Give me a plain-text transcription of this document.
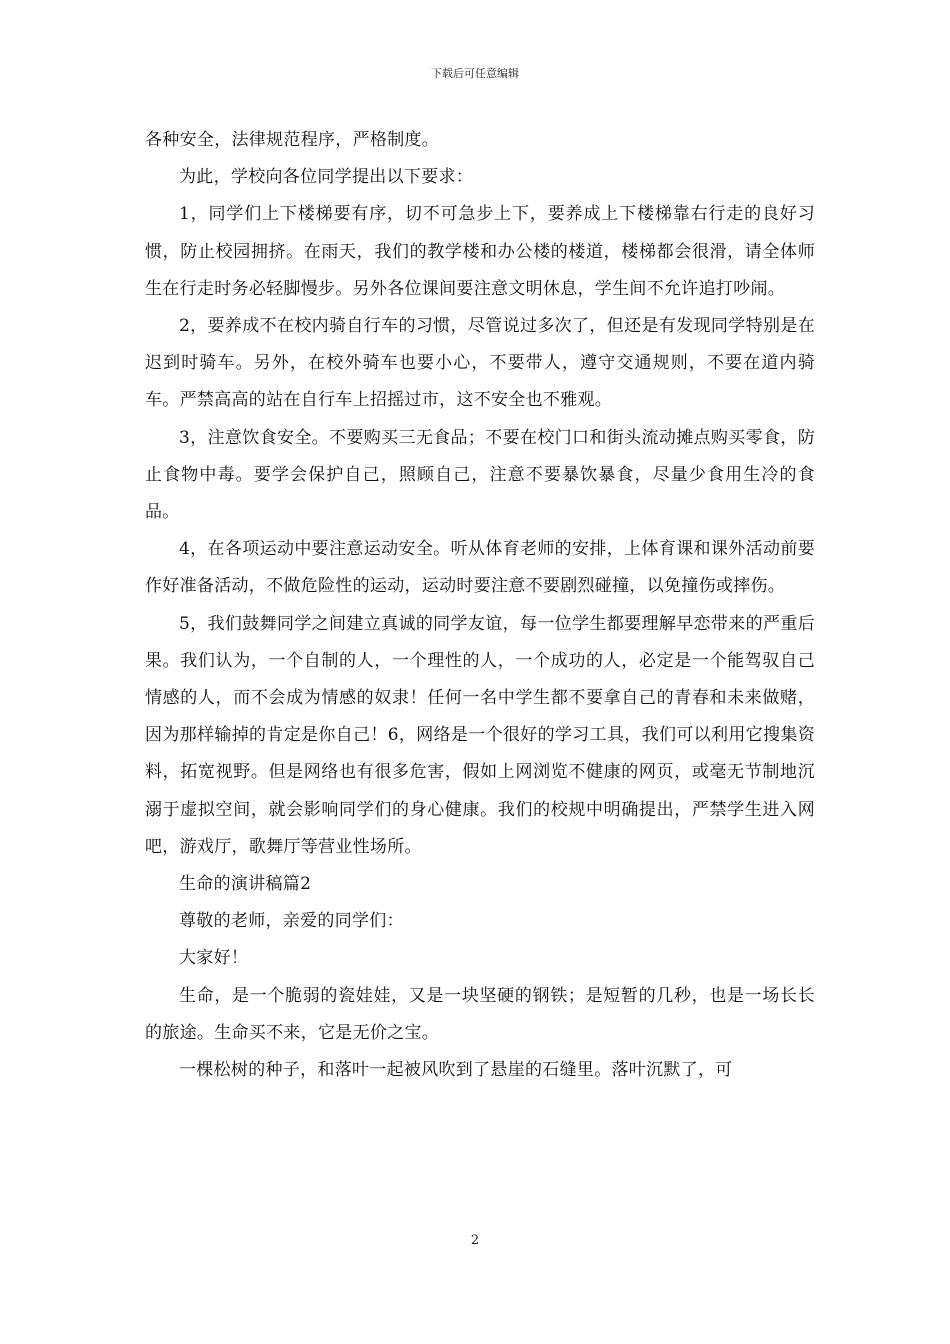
下载后可任意编辑

各种安全，法律规范程序，严格制度。

为此，学校向各位同学提出以下要求：

1，同学们上下楼梯要有序，切不可急步上下，要养成上下楼梯靠右行走的良好习惯，防止校园拥挤。在雨天，我们的教学楼和办公楼的楼道，楼梯都会很滑，请全体师生在行走时务必轻脚慢步。另外各位课间要注意文明休息，学生间不允许追打吵闹。

2，要养成不在校内骑自行车的习惯，尽管说过多次了，但还是有发现同学特别是在迟到时骑车。另外，在校外骑车也要小心，不要带人，遵守交通规则，不要在道内骑车。严禁高高的站在自行车上招摇过市，这不安全也不雅观。

3，注意饮食安全。不要购买三无食品；不要在校门口和街头流动摊点购买零食，防止食物中毒。要学会保护自己，照顾自己，注意不要暴饮暴食，尽量少食用生冷的食品。

4，在各项运动中要注意运动安全。听从体育老师的安排，上体育课和课外活动前要作好准备活动，不做危险性的运动，运动时要注意不要剧烈碰撞，以免撞伤或摔伤。

5，我们鼓舞同学之间建立真诚的同学友谊，每一位学生都要理解早恋带来的严重后果。我们认为，一个自制的人，一个理性的人，一个成功的人，必定是一个能驾驭自己情感的人，而不会成为情感的奴隶！任何一名中学生都不要拿自己的青春和未来做赌，因为那样输掉的肯定是你自己！6，网络是一个很好的学习工具，我们可以利用它搜集资料，拓宽视野。但是网络也有很多危害，假如上网浏览不健康的网页，或毫无节制地沉溺于虚拟空间，就会影响同学们的身心健康。我们的校规中明确提出，严禁学生进入网吧，游戏厅，歌舞厅等营业性场所。

生命的演讲稿篇2

尊敬的老师，亲爱的同学们：

大家好！

生命，是一个脆弱的瓷娃娃，又是一块坚硬的钢铁；是短暂的几秒，也是一场长长的旅途。生命买不来，它是无价之宝。

一棵松树的种子，和落叶一起被风吹到了悬崖的石缝里。落叶沉默了，可

2
